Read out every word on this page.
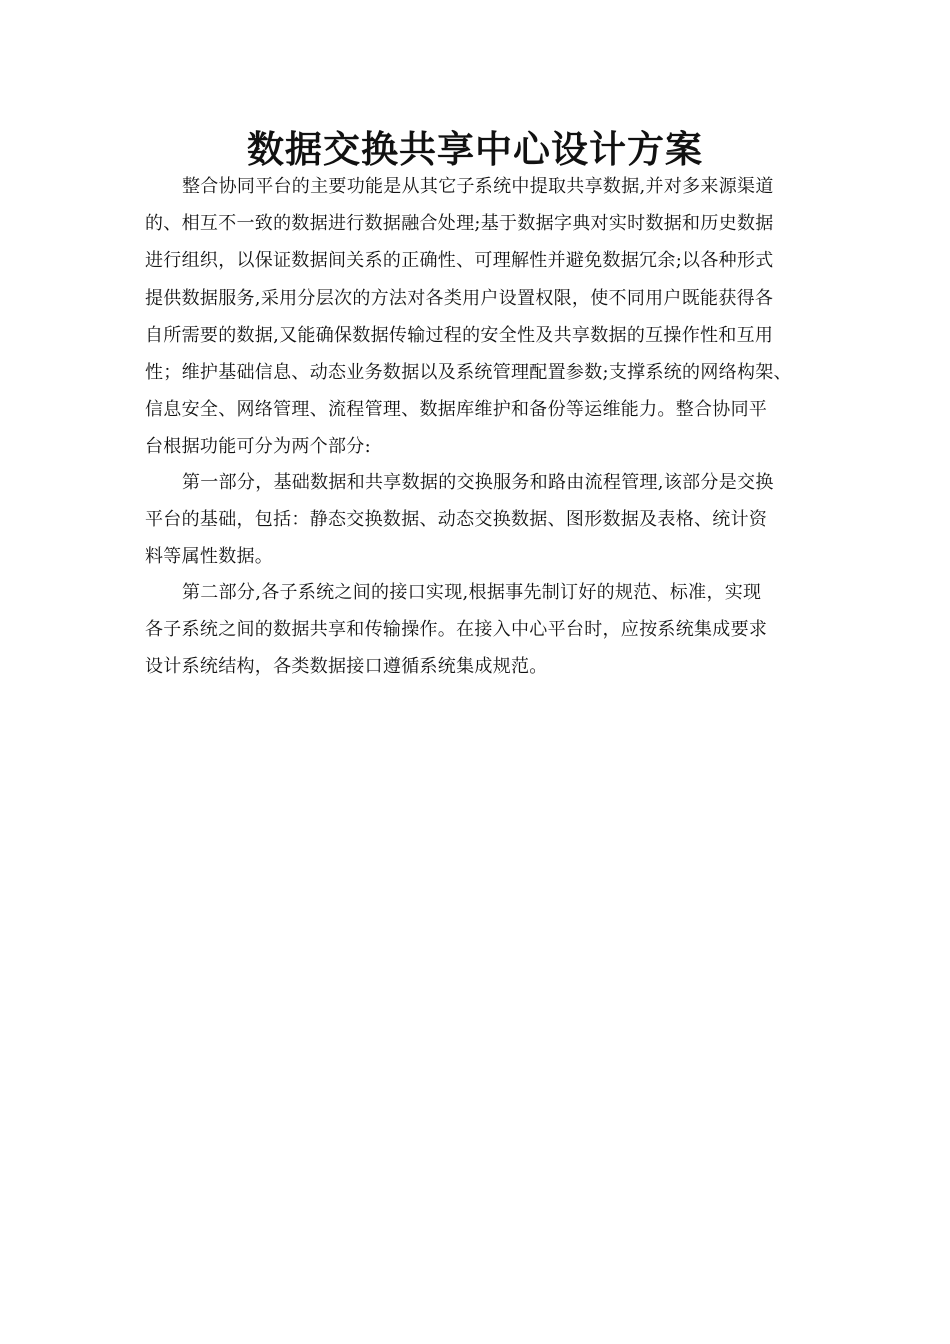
数据交换共享中心设计方案
整合协同平台的主要功能是从其它子系统中提取共享数据,并对多来源渠道
的、相互不一致的数据进行数据融合处理;基于数据字典对实时数据和历史数据
进行组织，以保证数据间关系的正确性、可理解性并避免数据冗余;以各种形式
提供数据服务,采用分层次的方法对各类用户设置权限，使不同用户既能获得各
自所需要的数据,又能确保数据传输过程的安全性及共享数据的互操作性和互用
性；维护基础信息、动态业务数据以及系统管理配置参数;支撑系统的网络构架、
信息安全、网络管理、流程管理、数据库维护和备份等运维能力。整合协同平
台根据功能可分为两个部分:
第一部分，基础数据和共享数据的交换服务和路由流程管理,该部分是交换
平台的基础，包括：静态交换数据、动态交换数据、图形数据及表格、统计资
料等属性数据。
第二部分,各子系统之间的接口实现,根据事先制订好的规范、标准，实现
各子系统之间的数据共享和传输操作。在接入中心平台时，应按系统集成要求
设计系统结构，各类数据接口遵循系统集成规范。
